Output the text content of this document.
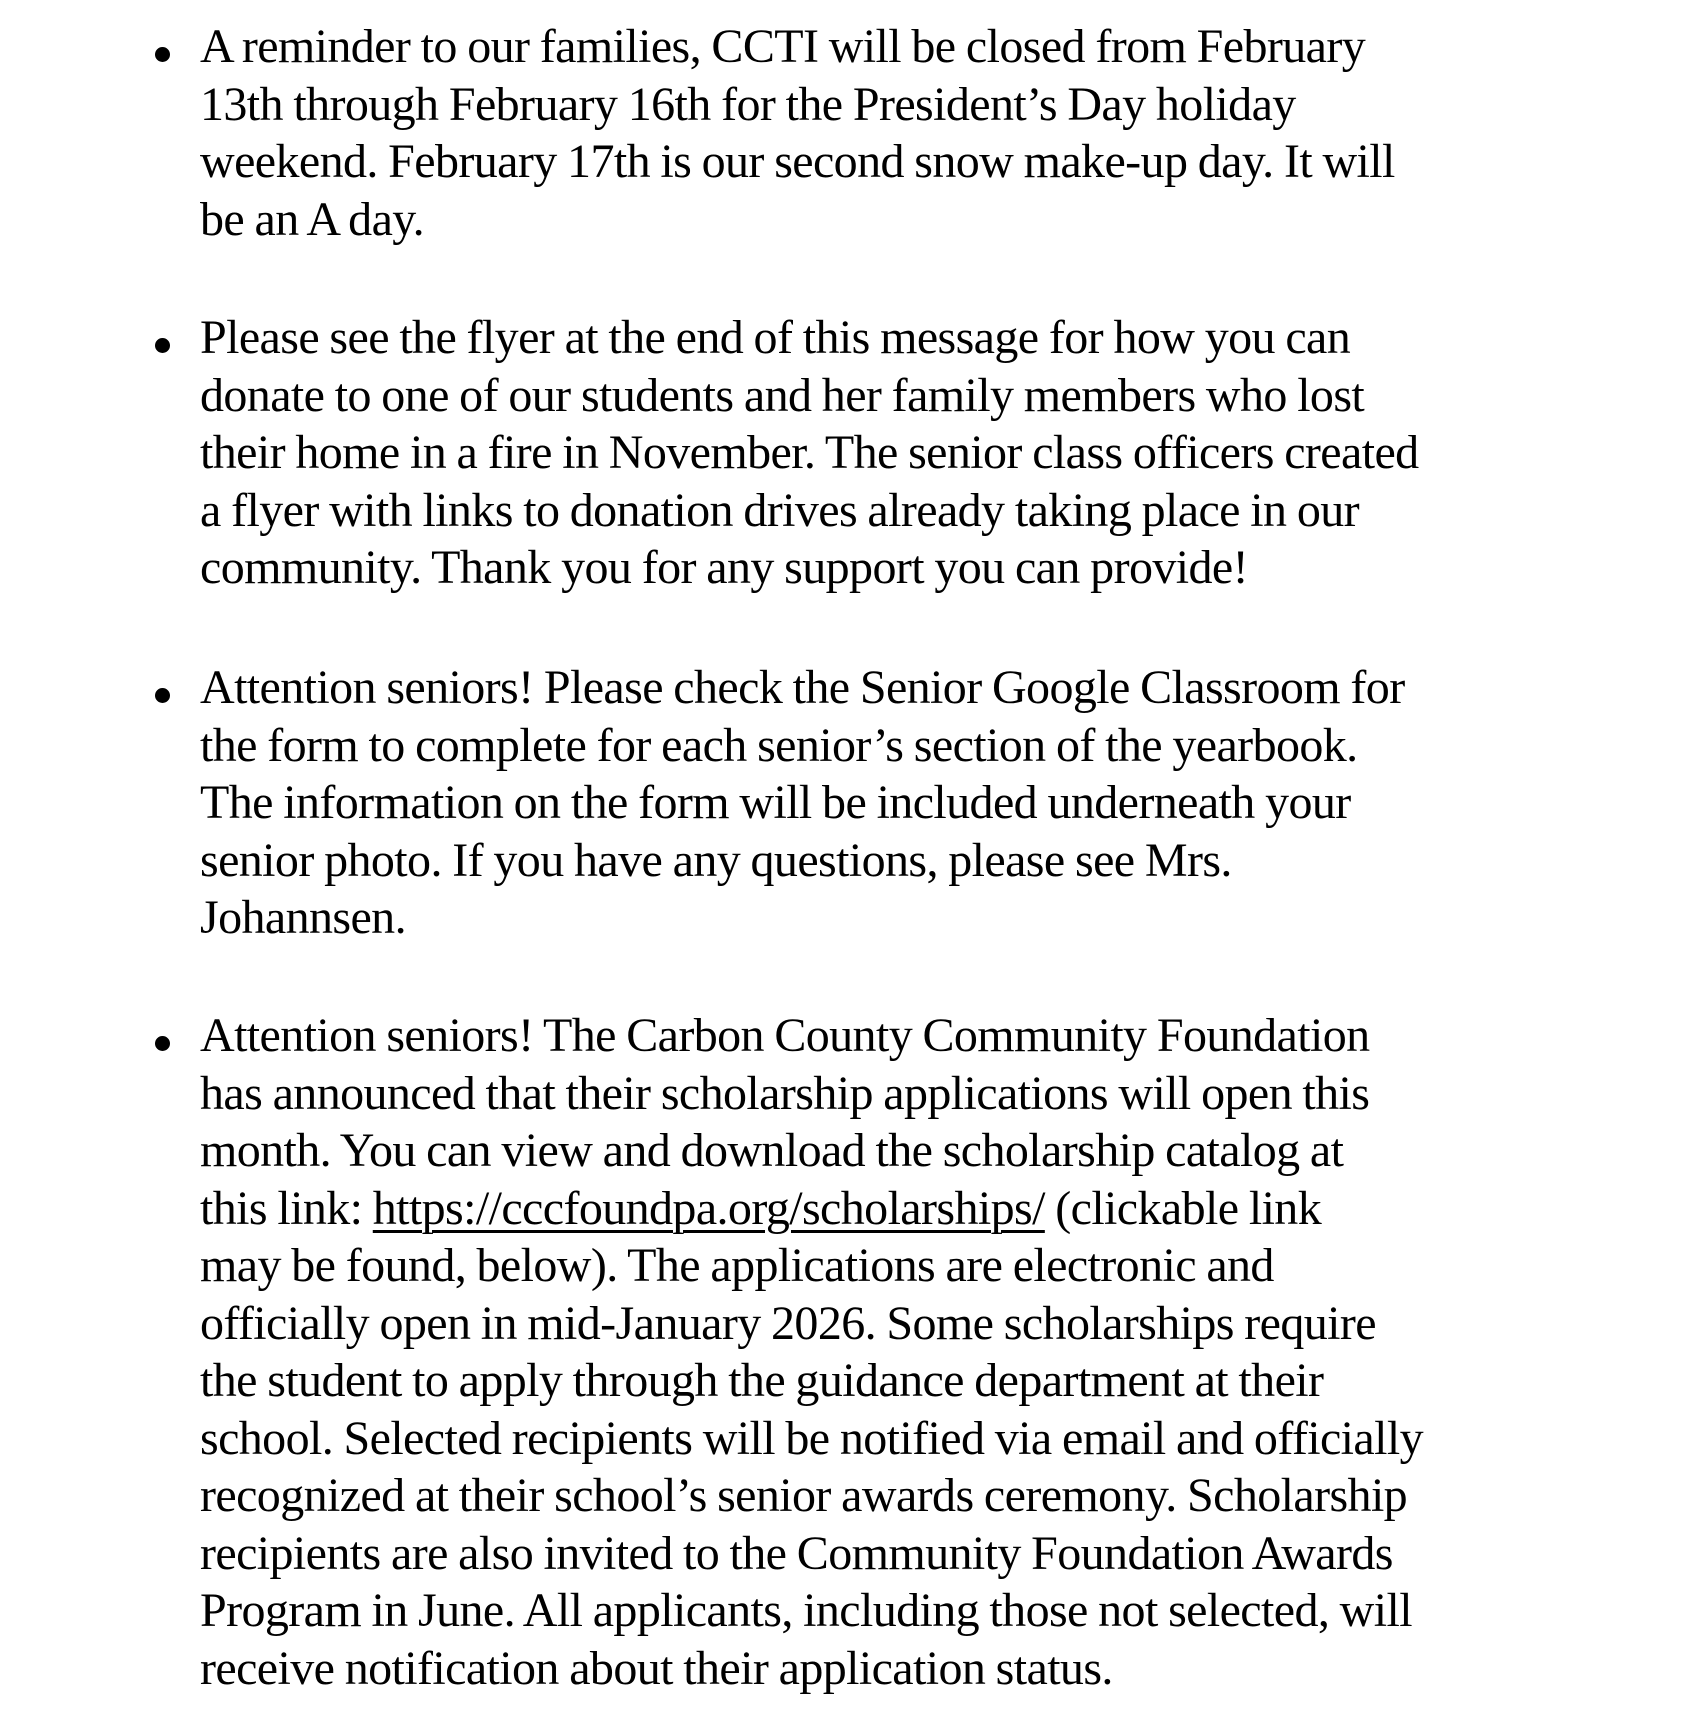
A reminder to our families, CCTI will be closed from February
13th through February 16th for the President’s Day holiday
weekend. February 17th is our second snow make-up day. It will
be an A day.
Please see the flyer at the end of this message for how you can
donate to one of our students and her family members who lost
their home in a fire in November. The senior class officers created
a flyer with links to donation drives already taking place in our
community. Thank you for any support you can provide!
Attention seniors! Please check the Senior Google Classroom for
the form to complete for each senior’s section of the yearbook.
The information on the form will be included underneath your
senior photo. If you have any questions, please see Mrs.
Johannsen.
Attention seniors! The Carbon County Community Foundation
has announced that their scholarship applications will open this
month. You can view and download the scholarship catalog at
this link: https://cccfoundpa.org/scholarships/ (clickable link
may be found, below). The applications are electronic and
officially open in mid-January 2026. Some scholarships require
the student to apply through the guidance department at their
school. Selected recipients will be notified via email and officially
recognized at their school’s senior awards ceremony. Scholarship
recipients are also invited to the Community Foundation Awards
Program in June. All applicants, including those not selected, will
receive notification about their application status.
